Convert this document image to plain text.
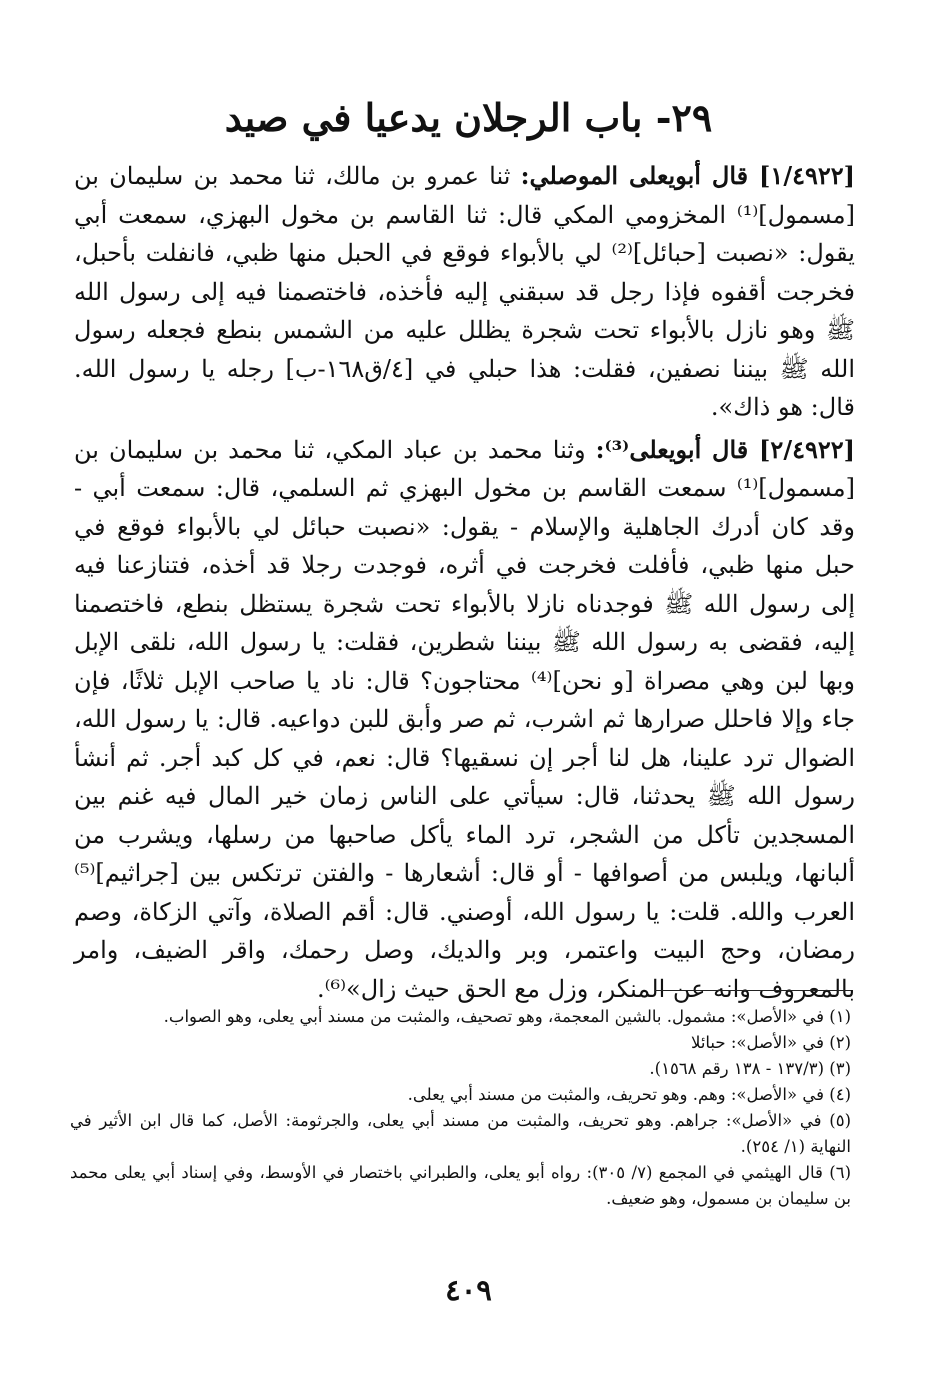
٢٩- باب الرجلان يدعيا في صيد

[١/٤٩٢٢] قال أبويعلى الموصلي: ثنا عمرو بن مالك، ثنا محمد بن سليمان بن [مسمول]⁽¹⁾ المخزومي المكي قال: ثنا القاسم بن مخول البهزي، سمعت أبي يقول: «نصبت [حبائل]⁽²⁾ لي بالأبواء فوقع في الحبل منها ظبي، فانفلت بأحبل، فخرجت أقفوه فإذا رجل قد سبقني إليه فأخذه، فاختصمنا فيه إلى رسول الله ﷺ وهو نازل بالأبواء تحت شجرة يظلل عليه من الشمس بنطع فجعله رسول الله ﷺ بيننا نصفين، فقلت: هذا حبلي في [٤/ق١٦٨-ب] رجله يا رسول الله. قال: هو ذاك».

[٢/٤٩٢٢] قال أبويعلى⁽³⁾: وثنا محمد بن عباد المكي، ثنا محمد بن سليمان بن [مسمول]⁽¹⁾ سمعت القاسم بن مخول البهزي ثم السلمي، قال: سمعت أبي - وقد كان أدرك الجاهلية والإسلام - يقول: «نصبت حبائل لي بالأبواء فوقع في حبل منها ظبي، فأفلت فخرجت في أثره، فوجدت رجلا قد أخذه، فتنازعنا فيه إلى رسول الله ﷺ فوجدناه نازلا بالأبواء تحت شجرة يستظل بنطع، فاختصمنا إليه، فقضى به رسول الله ﷺ بيننا شطرين، فقلت: يا رسول الله، نلقى الإبل وبها لبن وهي مصراة [و نحن]⁽⁴⁾ محتاجون؟ قال: ناد يا صاحب الإبل ثلاثًا، فإن جاء وإلا فاحلل صرارها ثم اشرب، ثم صر وأبق للبن دواعيه. قال: يا رسول الله، الضوال ترد علينا، هل لنا أجر إن نسقيها؟ قال: نعم، في كل كبد أجر. ثم أنشأ رسول الله ﷺ يحدثنا، قال: سيأتي على الناس زمان خير المال فيه غنم بين المسجدين تأكل من الشجر، ترد الماء يأكل صاحبها من رسلها، ويشرب من ألبانها، ويلبس من أصوافها - أو قال: أشعارها - والفتن ترتكس بين [جراثيم]⁽⁵⁾ العرب والله. قلت: يا رسول الله، أوصني. قال: أقم الصلاة، وآتي الزكاة، وصم رمضان، وحج البيت واعتمر، وبر والديك، وصل رحمك، واقر الضيف، وامر بالمعروف وانه عن المنكر، وزل مع الحق حيث زال»⁽⁶⁾.

(١) في «الأصل»: مشمول. بالشين المعجمة، وهو تصحيف، والمثبت من مسند أبي يعلى، وهو الصواب.

(٢) في «الأصل»: حبائلا

(٣) (١٣٧/٣ - ١٣٨ رقم ١٥٦٨).

(٤) في «الأصل»: وهم. وهو تحريف، والمثبت من مسند أبي يعلى.

(٥) في «الأصل»: جراهم. وهو تحريف، والمثبت من مسند أبي يعلى، والجرثومة: الأصل، كما قال ابن الأثير في النهاية (١/ ٢٥٤).

(٦) قال الهيثمي في المجمع (٧/ ٣٠٥): رواه أبو يعلى، والطبراني باختصار في الأوسط، وفي إسناد أبي يعلى محمد بن سليمان بن مسمول، وهو ضعيف.

٤٠٩
